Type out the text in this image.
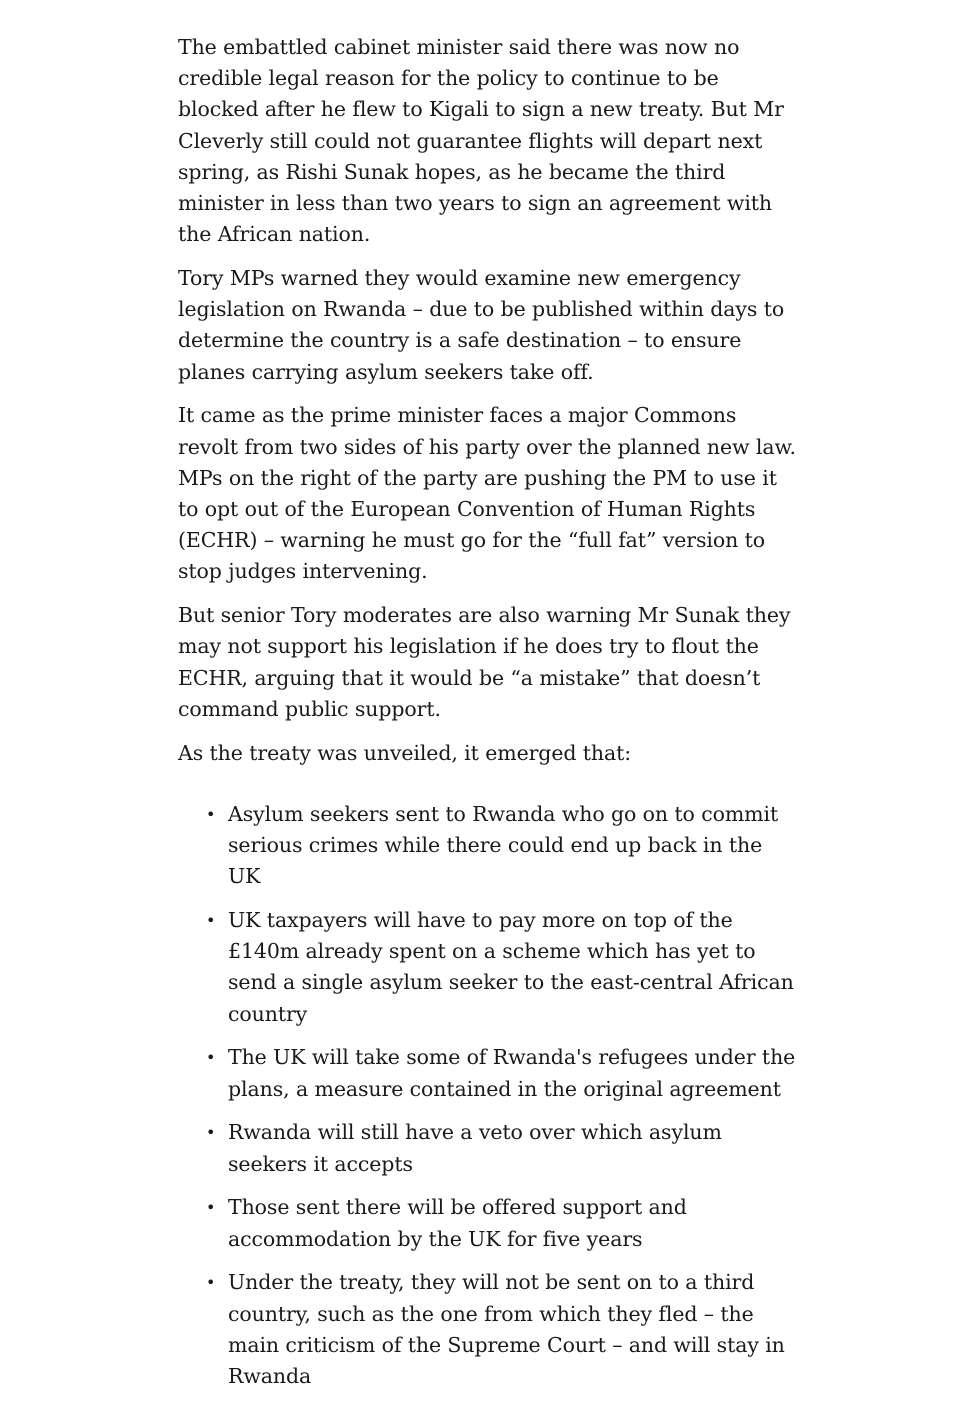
The embattled cabinet minister said there was now no credible legal reason for the policy to continue to be blocked after he flew to Kigali to sign a new treaty. But Mr Cleverly still could not guarantee flights will depart next spring, as Rishi Sunak hopes, as he became the third minister in less than two years to sign an agreement with the African nation.

Tory MPs warned they would examine new emergency legislation on Rwanda – due to be published within days to determine the country is a safe destination – to ensure planes carrying asylum seekers take off.

It came as the prime minister faces a major Commons revolt from two sides of his party over the planned new law. MPs on the right of the party are pushing the PM to use it to opt out of the European Convention of Human Rights (ECHR) – warning he must go for the “full fat” version to stop judges intervening.

But senior Tory moderates are also warning Mr Sunak they may not support his legislation if he does try to flout the ECHR, arguing that it would be “a mistake” that doesn’t command public support.

As the treaty was unveiled, it emerged that:

• Asylum seekers sent to Rwanda who go on to commit serious crimes while there could end up back in the UK
• UK taxpayers will have to pay more on top of the £140m already spent on a scheme which has yet to send a single asylum seeker to the east-central African country
• The UK will take some of Rwanda's refugees under the plans, a measure contained in the original agreement
• Rwanda will still have a veto over which asylum seekers it accepts
• Those sent there will be offered support and accommodation by the UK for five years
• Under the treaty, they will not be sent on to a third country, such as the one from which they fled – the main criticism of the Supreme Court – and will stay in Rwanda
